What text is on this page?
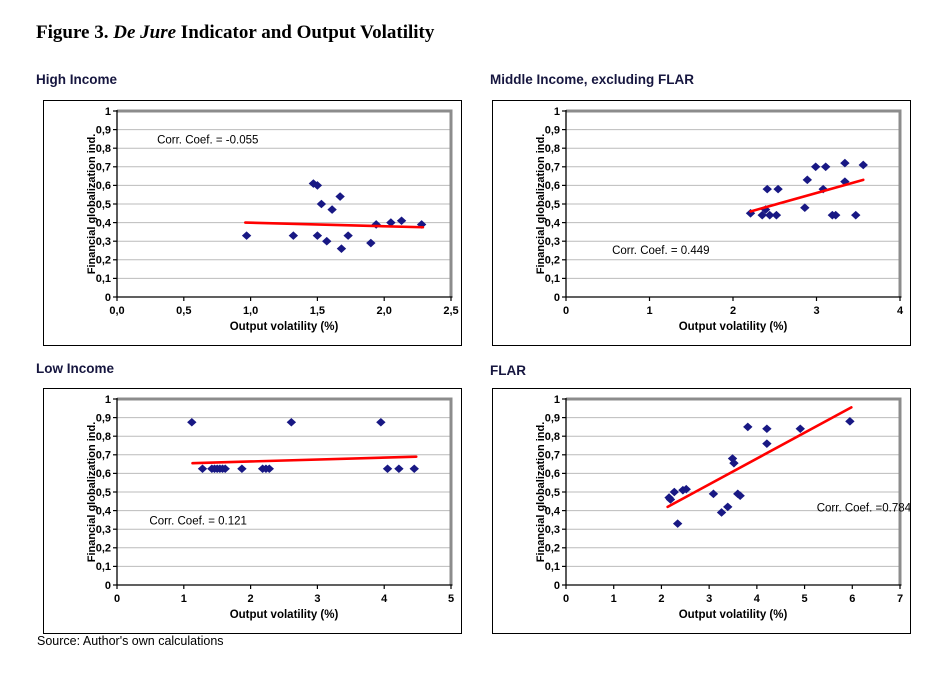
Figure 3. De Jure Indicator and Output Volatility

High Income

1
0,9
0,8
0,7
0,6
0,5
0,4
0,3
0,2
0,1
0
0,0	0,5	1,0	1,5	2,0	2,5
Output volatility (%)
Financial globalization ind.	Corr. Coef. = -0.055

Middle Income, excluding FLAR

1
0,9
0,8
0,7
0,6
0,5
0,4
0,3
0,2
0,1
0
0	1	2	3	4
Output volatility (%)
Financial globalization ind.	Corr. Coef. = 0.449

Low Income

1
0,9
0,8
0,7
0,6
0,5
0,4
0,3
0,2
0,1
0
0	1	2	3	4	5
Output volatility (%)
Financial globalization ind.	Corr. Coef. = 0.121

FLAR

1
0,9
0,8
0,7
0,6
0,5
0,4
0,3
0,2
0,1
0
0	1	2	3	4	5	6	7
Output volatility (%)
Financial globalization ind.	Corr. Coef. =0.784
Source: Author's own calculations
